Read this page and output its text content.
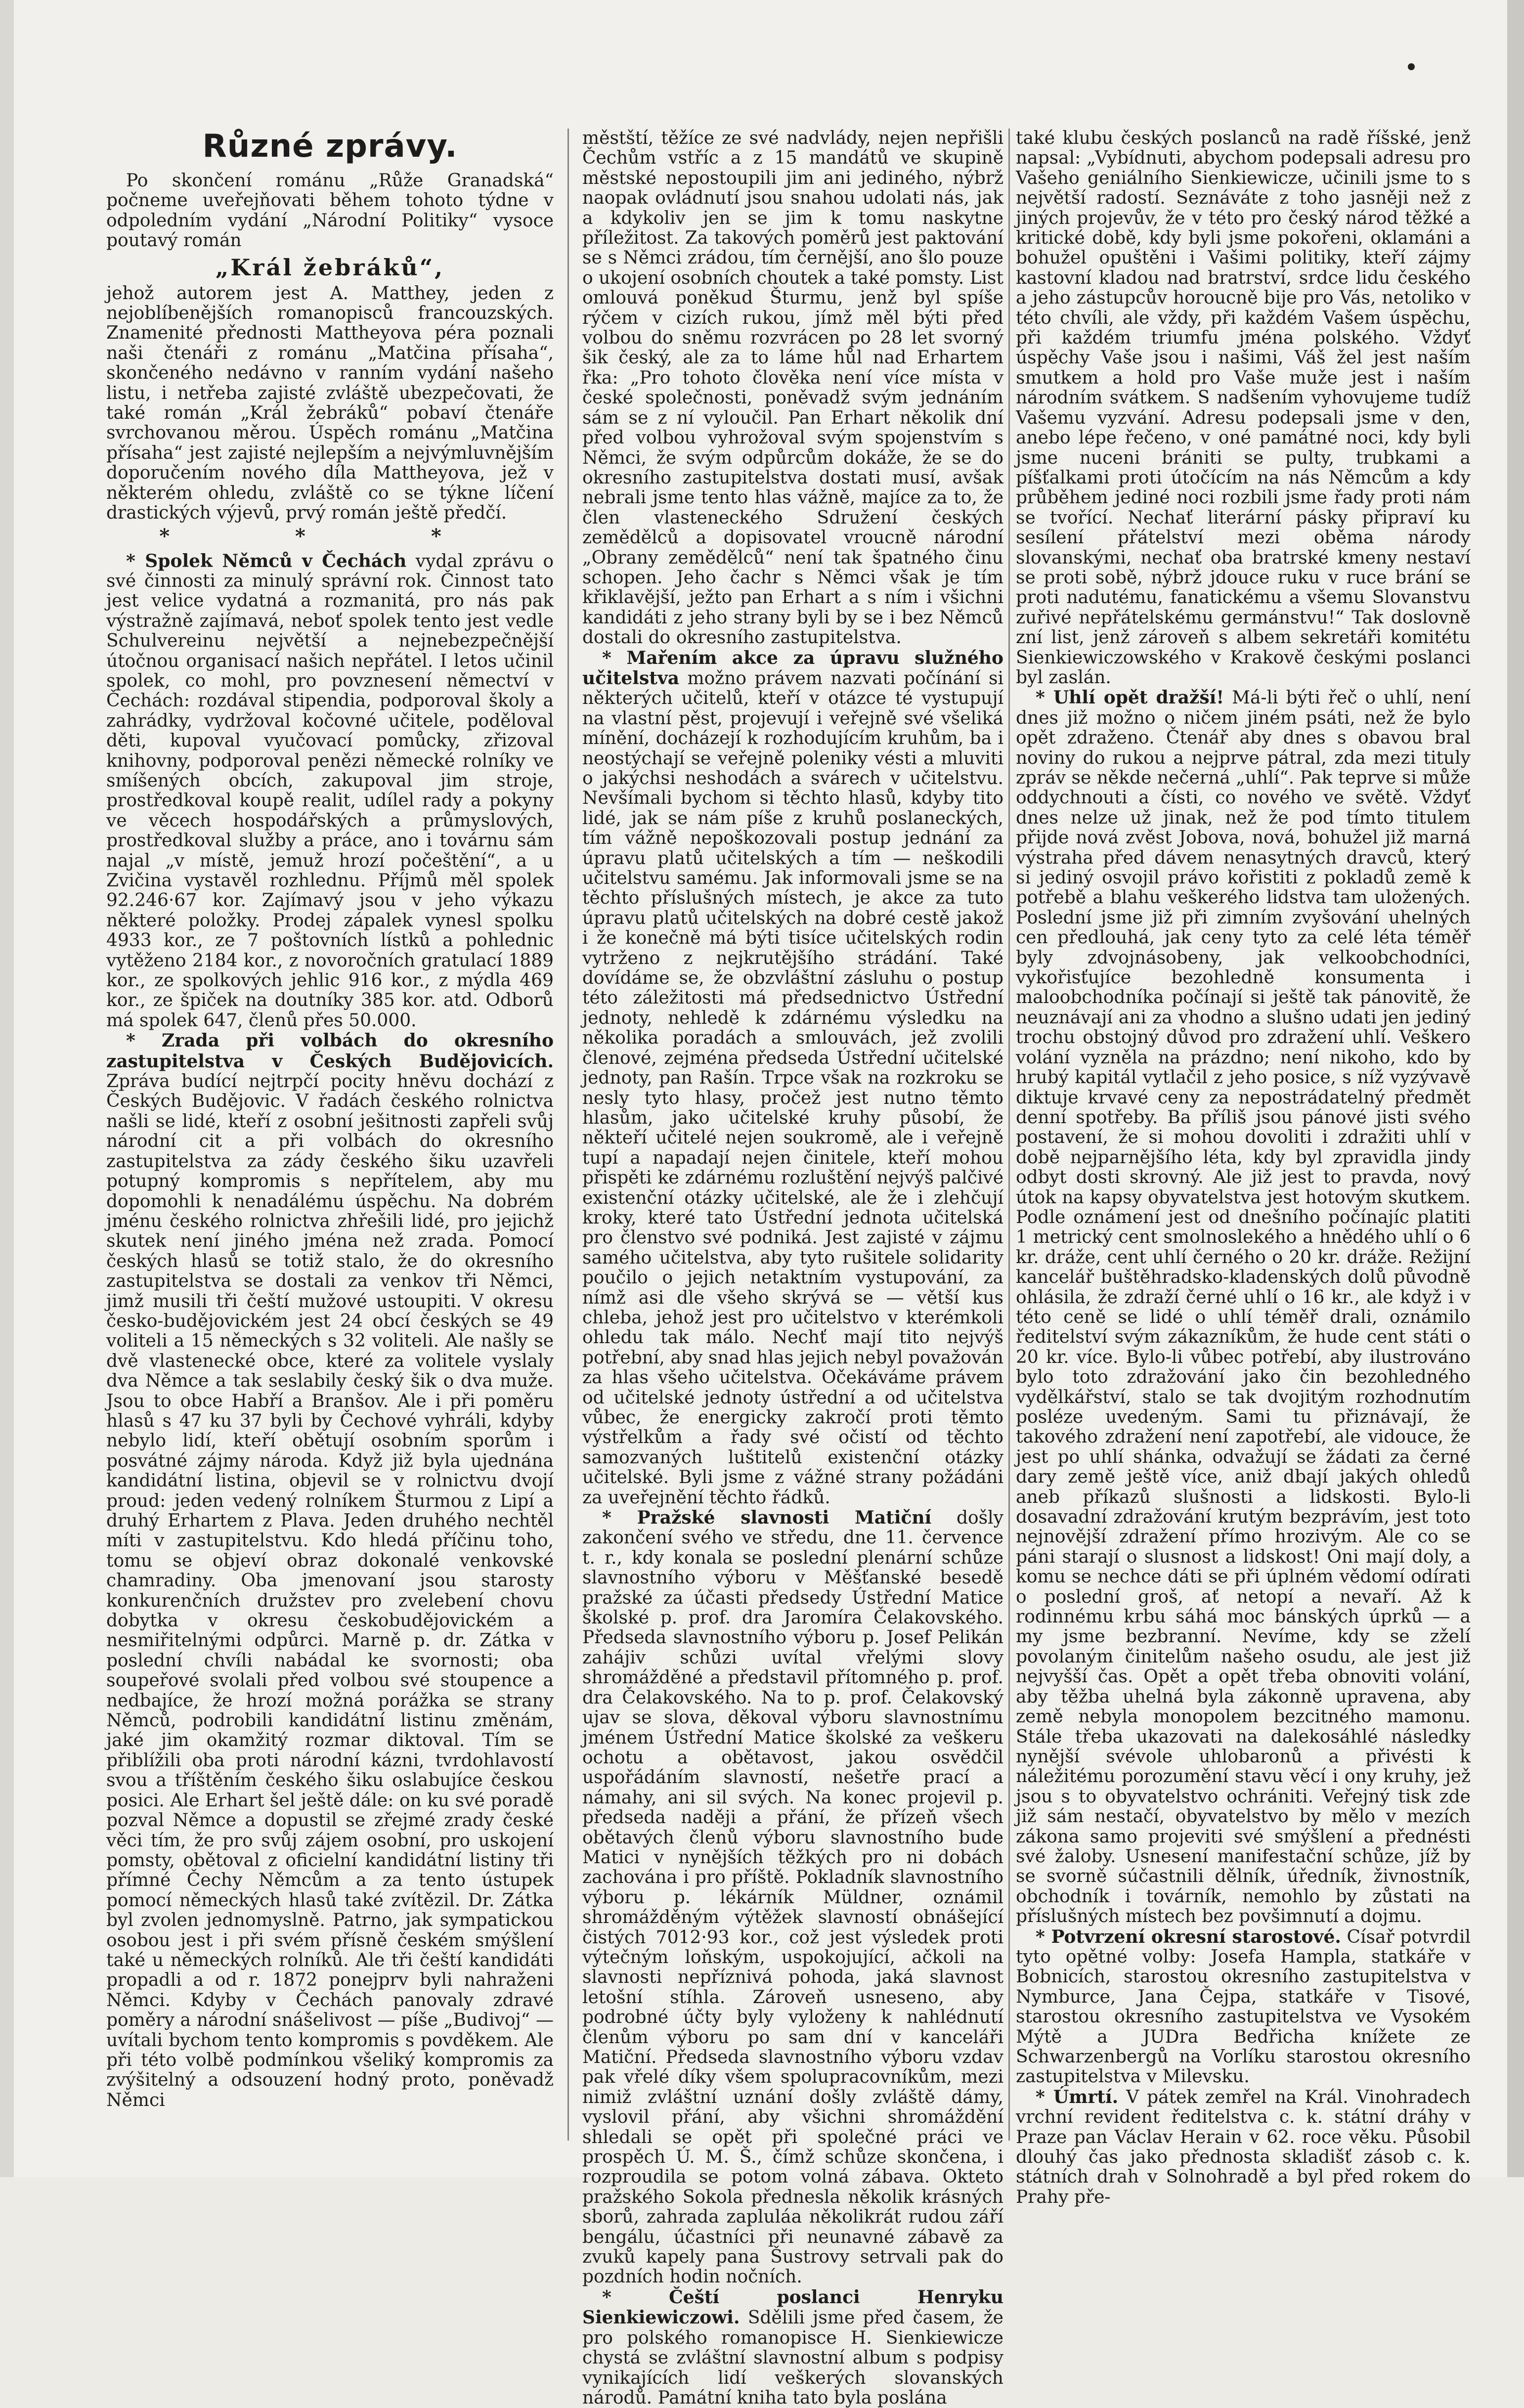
Různé zprávy.

Po skončení románu „Růže Granadská“ počneme uveřejňovati během tohoto týdne v odpoledním vydání „Národní Politiky“ vysoce poutavý román

„Král žebráků“,

jehož autorem jest A. Matthey, jeden z nejoblíbenějších romanopisců francouzských. Znamenité přednosti Mattheyova péra poznali naši čtenáři z románu „Matčina přísaha“, skončeného nedávno v ranním vydání našeho listu, i netřeba zajisté zvláště ubezpečovati, že také román „Král žebráků“ pobaví čtenáře svrchovanou měrou. Úspěch románu „Matčina přísaha“ jest zajisté nejlepším a nejvýmluvnějším doporučením nového díla Mattheyova, jež v některém ohledu, zvláště co se týkne líčení drastických výjevů, prvý román ještě předčí.

* * *

* Spolek Němců v Čechách vydal zprávu o své činnosti za minulý správní rok. Činnost tato jest velice vydatná a rozmanitá, pro nás pak výstražně zajímavá, neboť spolek tento jest vedle Schulvereinu největší a nejnebezpečnější útočnou organisací našich nepřátel. I letos učinil spolek, co mohl, pro povznesení němectví v Čechách: rozdával stipendia, podporoval školy a zahrádky, vydržoval kočovné učitele, poděloval děti, kupoval vyučovací pomůcky, zřizoval knihovny, podporoval penězi německé rolníky ve smíšených obcích, zakupoval jim stroje, prostředkoval koupě realit, udílel rady a pokyny ve věcech hospodářských a průmyslových, prostředkoval služby a práce, ano i továrnu sám najal „v místě, jemuž hrozí počeštění“, a u Zvičina vystavěl rozhlednu. Příjmů měl spolek 92.246·67 kor. Zajímavý jsou v jeho výkazu některé položky. Prodej zápalek vynesl spolku 4933 kor., ze 7 poštovních lístků a pohlednic vytěženo 2184 kor., z novoročních gratulací 1889 kor., ze spolkových jehlic 916 kor., z mýdla 469 kor., ze špiček na doutníky 385 kor. atd. Odborů má spolek 647, členů přes 50.000.

* Zrada při volbách do okresního zastupitelstva v Českých Budějovicích. Zpráva budící nejtrpčí pocity hněvu dochází z Českých Budějovic. V řadách českého rolnictva našli se lidé, kteří z osobní ješitnosti zapřeli svůj národní cit a při volbách do okresního zastupitelstva za zády českého šiku uzavřeli potupný kompromis s nepřítelem, aby mu dopomohli k nenadálému úspěchu. Na dobrém jménu českého rolnictva zhřešili lidé, pro jejichž skutek není jiného jména než zrada. Pomocí českých hlasů se totiž stalo, že do okresního zastupitelstva se dostali za venkov tři Němci, jimž musili tři čeští mužové ustoupiti. V okresu česko-budějovickém jest 24 obcí českých se 49 voliteli a 15 německých s 32 voliteli. Ale našly se dvě vlastenecké obce, které za volitele vyslaly dva Němce a tak seslabily český šik o dva muže. Jsou to obce Habří a Branšov. Ale i při poměru hlasů s 47 ku 37 byli by Čechové vyhráli, kdyby nebylo lidí, kteří obětují osobním sporům i posvátné zájmy národa. Když již byla ujednána kandidátní listina, objevil se v rolnictvu dvojí proud: jeden vedený rolníkem Šturmou z Lipí a druhý Erhartem z Plava. Jeden druhého nechtěl míti v zastupitelstvu. Kdo hledá příčinu toho, tomu se objeví obraz dokonalé venkovské chamradiny. Oba jmenovaní jsou starosty konkurenčních družstev pro zvelebení chovu dobytka v okresu českobudějovickém a nesmiřitelnými odpůrci. Marně p. dr. Zátka v poslední chvíli nabádal ke svornosti; oba soupeřové svolali před volbou své stoupence a nedbajíce, že hrozí možná porážka se strany Němců, podrobili kandidátní listinu změnám, jaké jim okamžitý rozmar diktoval. Tím se přiblížili oba proti národní kázni, tvrdohlavostí svou a tříštěním českého šiku oslabujíce českou posici. Ale Erhart šel ještě dále: on ku své poradě pozval Němce a dopustil se zřejmé zrady české věci tím, že pro svůj zájem osobní, pro uskojení pomsty, obětoval z oficielní kandidátní listiny tři přímné Čechy Němcům a za tento ústupek pomocí německých hlasů také zvítězil. Dr. Zátka byl zvolen jednomyslně. Patrno, jak sympatickou osobou jest i při svém přísně českém smýšlení také u německých rolníků. Ale tři čeští kandidáti propadli a od r. 1872 ponejprv byli nahraženi Němci. Kdyby v Čechách panovaly zdravé poměry a národní snášelivost — píše „Budivoj“ — uvítali bychom tento kompromis s povděkem. Ale při této volbě podmínkou všeliký kompromis za zvýšitelný a odsouzení hodný proto, poněvadž Němci

městští, těžíce ze své nadvlády, nejen nepřišli Čechům vstříc a z 15 mandátů ve skupině městské nepostoupili jim ani jediného, nýbrž naopak ovládnutí jsou snahou udolati nás, jak a kdykoliv jen se jim k tomu naskytne příležitost. Za takových poměrů jest paktování se s Němci zrádou, tím černější, ano šlo pouze o ukojení osobních choutek a také pomsty. List omlouvá poněkud Šturmu, jenž byl spíše rýčem v cizích rukou, jímž měl býti před volbou do sněmu rozvrácen po 28 let svorný šik český, ale za to láme hůl nad Erhartem řka: „Pro tohoto člověka není více místa v české společnosti, poněvadž svým jednáním sám se z ní vyloučil. Pan Erhart několik dní před volbou vyhrožoval svým spojenstvím s Němci, že svým odpůrcům dokáže, že se do okresního zastupitelstva dostati musí, avšak nebrali jsme tento hlas vážně, majíce za to, že člen vlasteneckého Sdružení českých zemědělců a dopisovatel vroucně národní „Obrany zemědělců“ není tak špatného činu schopen. Jeho čachr s Němci však je tím křiklavější, ježto pan Erhart a s ním i všichni kandidáti z jeho strany byli by se i bez Němců dostali do okresního zastupitelstva.

* Mařením akce za úpravu služného učitelstva možno právem nazvati počínání si některých učitelů, kteří v otázce té vystupují na vlastní pěst, projevují i veřejně své všeliká mínění, docházejí k rozhodujícím kruhům, ba i neostýchají se veřejně poleniky vésti a mluviti o jakýchsi neshodách a svárech v učitelstvu. Nevšímali bychom si těchto hlasů, kdyby tito lidé, jak se nám píše z kruhů poslaneckých, tím vážně nepoškozovali postup jednání za úpravu platů učitelských a tím — neškodili učitelstvu samému. Jak informovali jsme se na těchto příslušných místech, je akce za tuto úpravu platů učitelských na dobré cestě jakož i že konečně má býti tisíce učitelských rodin vytrženo z nejkrutějšího strádání. Také dovídáme se, že obzvláštní zásluhu o postup této záležitosti má předsednictvo Ústřední jednoty, nehledě k zdárnému výsledku na několika poradách a smlouvách, jež zvolili členové, zejména předseda Ústřední učitelské jednoty, pan Rašín. Trpce však na rozkroku se nesly tyto hlasy, pročež jest nutno těmto hlasům, jako učitelské kruhy působí, že někteří učitelé nejen soukromě, ale i veřejně tupí a napadají nejen činitele, kteří mohou přispěti ke zdárnému rozluštění nejvýš palčivé existenční otázky učitelské, ale že i zlehčují kroky, které tato Ústřední jednota učitelská pro členstvo své podniká. Jest zajisté v zájmu samého učitelstva, aby tyto rušitele solidarity poučilo o jejich netaktním vystupování, za nímž asi dle všeho skrývá se — větší kus chleba, jehož jest pro učitelstvo v kterémkoli ohledu tak málo. Nechť mají tito nejvýš potřební, aby snad hlas jejich nebyl považován za hlas všeho učitelstva. Očekáváme právem od učitelské jednoty ústřední a od učitelstva vůbec, že energicky zakročí proti těmto výstřelkům a řady své očistí od těchto samozvaných luštitelů existenční otázky učitelské. Byli jsme z vážné strany požádáni za uveřejnění těchto řádků.

* Pražské slavnosti Matiční došly zakončení svého ve středu, dne 11. července t. r., kdy konala se poslední plenární schůze slavnostního výboru v Měšťanské besedě pražské za účasti předsedy Ústřední Matice školské p. prof. dra Jaromíra Čelakovského. Předseda slavnostního výboru p. Josef Pelikán zahájiv schůzi uvítal vřelými slovy shromážděné a představil přítomného p. prof. dra Čelakovského. Na to p. prof. Čelakovský ujav se slova, děkoval výboru slavnostnímu jménem Ústřední Matice školské za veškeru ochotu a obětavost, jakou osvědčil uspořádáním slavností, nešetře prací a námahy, ani sil svých. Na konec projevil p. předseda naději a přání, že přízeň všech obětavých členů výboru slavnostního bude Matici v nynějších těžkých pro ni dobách zachována i pro příště. Pokladník slavnostního výboru p. lékárník Müldner, oznámil shromážděným výtěžek slavností obnášející čistých 7012·93 kor., což jest výsledek proti výtečným loňským, uspokojující, ačkoli na slavnosti nepříznivá pohoda, jaká slavnost letošní stíhla. Zároveň usneseno, aby podrobné účty byly vyloženy k nahlédnutí členům výboru po sam dní v kanceláři Matiční. Předseda slavnostního výboru vzdav pak vřelé díky všem spolupracovníkům, mezi nimiž zvláštní uznání došly zvláště dámy, vyslovil přání, aby všichni shromáždění shledali se opět při společné práci ve prospěch Ú. M. Š., čímž schůze skončena, i rozproudila se potom volná zábava. Okteto pražského Sokola přednesla několik krásných sborů, zahrada zapluláa několikrát rudou září bengálu, účastníci při neunavné zábavě za zvuků kapely pana Šustrovy setrvali pak do pozdních hodin nočních.

* Čeští poslanci Henryku Sienkiewiczowi. Sdělili jsme před časem, že pro polského romanopisce H. Sienkiewicze chystá se zvláštní slavnostní album s podpisy vynikajících lidí veškerých slovanských národů. Památní kniha tato byla poslána

také klubu českých poslanců na radě říšské, jenž napsal: „Vybídnuti, abychom podepsali adresu pro Vašeho geniálního Sienkiewicze, učinili jsme to s největší radostí. Seznáváte z toho jasněji než z jiných projevův, že v této pro český národ těžké a kritické době, kdy byli jsme pokořeni, oklamáni a bohužel opuštěni i Vašimi politiky, kteří zájmy kastovní kladou nad bratrství, srdce lidu českého a jeho zástupcův horoucně bije pro Vás, netoliko v této chvíli, ale vždy, při každém Vašem úspěchu, při každém triumfu jména polského. Vždyť úspěchy Vaše jsou i našimi, Váš žel jest naším smutkem a hold pro Vaše muže jest i naším národním svátkem. S nadšením vyhovujeme tudíž Vašemu vyzvání. Adresu podepsali jsme v den, anebo lépe řečeno, v oné památné noci, kdy byli jsme nuceni brániti se pulty, trubkami a píšťalkami proti útočícím na nás Němcům a kdy průběhem jediné noci rozbili jsme řady proti nám se tvořící. Nechať literární pásky připraví ku sesílení přátelství mezi oběma národy slovanskými, nechať oba bratrské kmeny nestaví se proti sobě, nýbrž jdouce ruku v ruce brání se proti nadutému, fanatickému a všemu Slovanstvu zuřivé nepřátelskému germánstvu!“ Tak doslovně zní list, jenž zároveň s albem sekretáři komitétu Sienkiewiczowského v Krakově českými poslanci byl zaslán.

* Uhlí opět dražší! Má-li býti řeč o uhlí, není dnes již možno o ničem jiném psáti, než že bylo opět zdraženo. Čtenář aby dnes s obavou bral noviny do rukou a nejprve pátral, zda mezi tituly zpráv se někde nečerná „uhlí“. Pak teprve si může oddychnouti a čísti, co nového ve světě. Vždyť dnes nelze už jinak, než že pod tímto titulem přijde nová zvěst Jobova, nová, bohužel již marná výstraha před dávem nenasytných dravců, který si jediný osvojil právo kořistiti z pokladů země k potřebě a blahu veškerého lidstva tam uložených. Poslední jsme již při zimním zvyšování uhelných cen předlouhá, jak ceny tyto za celé léta téměř byly zdvojnásobeny, jak velkoobchodníci, vykořisťujíce bezohledně konsumenta i maloobchodníka počínají si ještě tak pánovitě, že neuznávají ani za vhodno a slušno udati jen jediný trochu obstojný důvod pro zdražení uhlí. Veškero volání vyzněla na prázdno; není nikoho, kdo by hrubý kapitál vytlačil z jeho posice, s níž vyzývavě diktuje krvavé ceny za nepostrádatelný předmět denní spotřeby. Ba příliš jsou pánové jisti svého postavení, že si mohou dovoliti i zdražiti uhlí v době nejparnějšího léta, kdy byl zpravidla jindy odbyt dosti skrovný. Ale již jest to pravda, nový útok na kapsy obyvatelstva jest hotovým skutkem. Podle oznámení jest od dnešního počínajíc platiti 1 metrický cent smolnoslekého a hnědého uhlí o 6 kr. dráže, cent uhlí černého o 20 kr. dráže. Režijní kancelář buštěhradsko-kladenských dolů původně ohlásila, že zdraží černé uhlí o 16 kr., ale když i v této ceně se lidé o uhlí téměř drali, oznámilo ředitelství svým zákazníkům, že hude cent státi o 20 kr. více. Bylo-li vůbec potřebí, aby ilustrováno bylo toto zdražování jako čin bezohledného vydělkářství, stalo se tak dvojitým rozhodnutím posléze uvedeným. Sami tu přiznávají, že takového zdražení není zapotřebí, ale vidouce, že jest po uhlí shánka, odvažují se žádati za černé dary země ještě více, aniž dbají jakých ohledů aneb příkazů slušnosti a lidskosti. Bylo-li dosavadní zdražování krutým bezprávím, jest toto nejnovější zdražení přímo hrozivým. Ale co se páni starají o slusnost a lidskost! Oni mají doly, a komu se nechce dáti se při úplném vědomí odírati o poslední groš, ať netopí a nevaří. Až k rodinnému krbu sáhá moc bánských úprků — a my jsme bezbranní. Nevíme, kdy se zželí povolaným činitelům našeho osudu, ale jest již nejvyšší čas. Opět a opět třeba obnoviti volání, aby těžba uhelná byla zákonně upravena, aby země nebyla monopolem bezcitného mamonu. Stále třeba ukazovati na dalekosáhlé následky nynější svévole uhlobaronů a přivésti k náležitému porozumění stavu věcí i ony kruhy, jež jsou s to obyvatelstvo ochrániti. Veřejný tisk zde již sám nestačí, obyvatelstvo by mělo v mezích zákona samo projeviti své smýšlení a přednésti své žaloby. Usnesení manifestační schůze, jíž by se svorně súčastnili dělník, úředník, živnostník, obchodník i továrník, nemohlo by zůstati na příslušných místech bez povšimnutí a dojmu.

* Potvrzení okresní starostové. Císař potvrdil tyto opětné volby: Josefa Hampla, statkáře v Bobnicích, starostou okresního zastupitelstva v Nymburce, Jana Čejpa, statkáře v Tisové, starostou okresního zastupitelstva ve Vysokém Mýtě a JUDra Bedřicha knížete ze Schwarzenbergů na Vorlíku starostou okresního zastupitelstva v Milevsku.

* Úmrtí. V pátek zemřel na Král. Vinohradech vrchní revident ředitelstva c. k. státní dráhy v Praze pan Václav Herain v 62. roce věku. Působil dlouhý čas jako přednosta skladišť zásob c. k. státních drah v Solnohradě a byl před rokem do Prahy pře-
